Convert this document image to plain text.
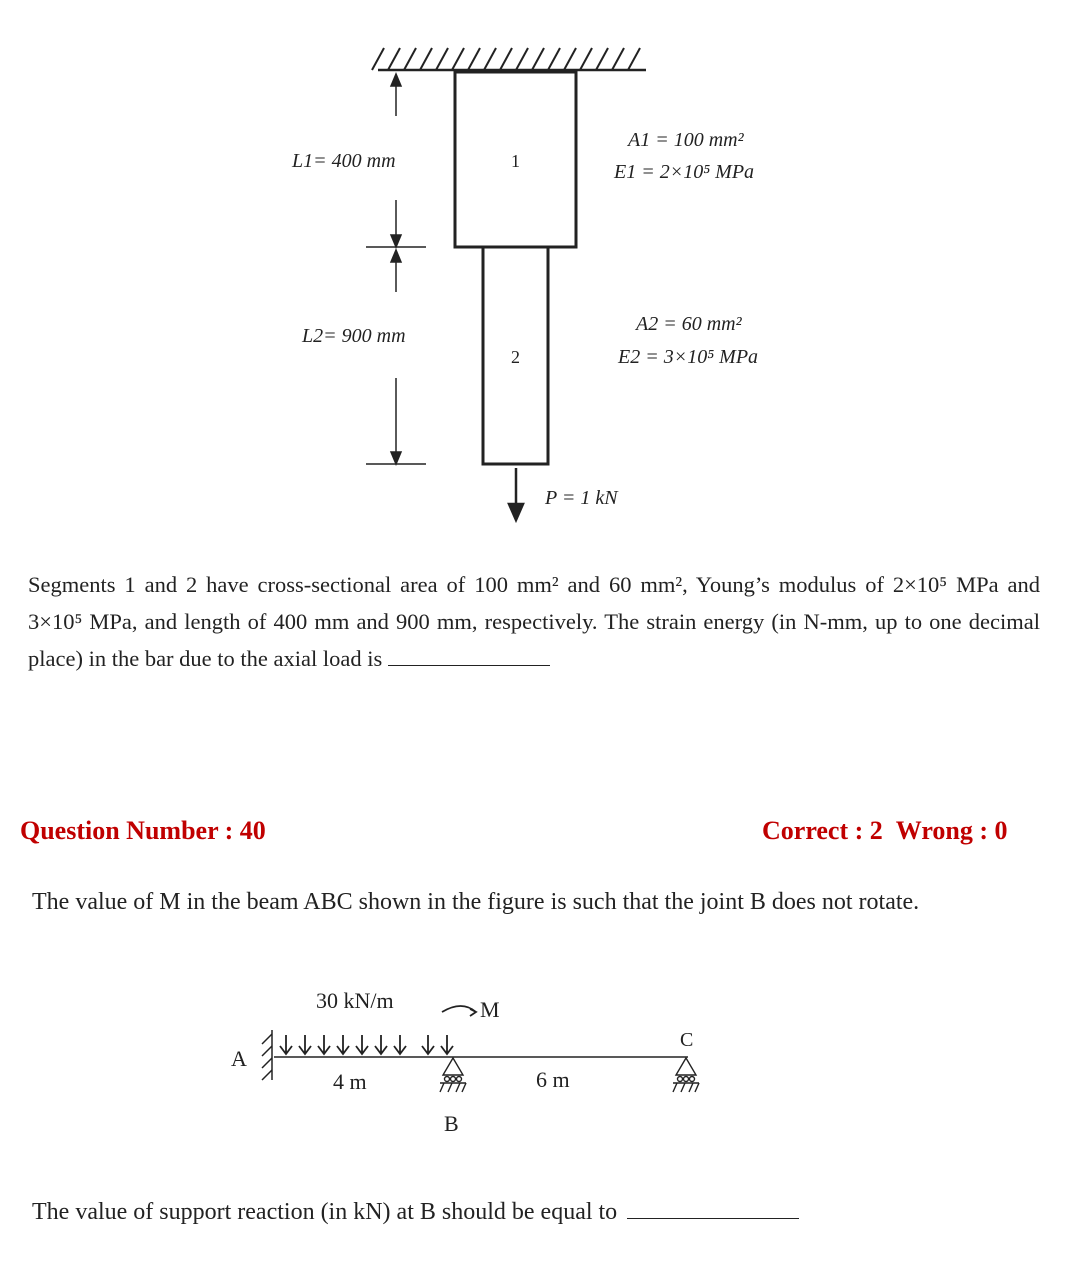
L1= 400 mm
L2= 900 mm
1
2
A1 = 100 mm²
E1 = 2×10⁵ MPa
A2 = 60 mm²
E2 = 3×10⁵ MPa
P = 1 kN
Segments 1 and 2 have cross-sectional area of 100 mm² and 60 mm², Young’s modulus of 2×10⁵ MPa and 3×10⁵ MPa, and length of 400 mm and 900 mm, respectively. The strain energy (in N-mm, up to one decimal place) in the bar due to the axial load is
Question Number : 40	Correct : 2 Wrong : 0
The value of M in the beam ABC shown in the figure is such that the joint B does not rotate.
30 kN/m	M
A
C
4 m	6 m
B
The value of support reaction (in kN) at B should be equal to
